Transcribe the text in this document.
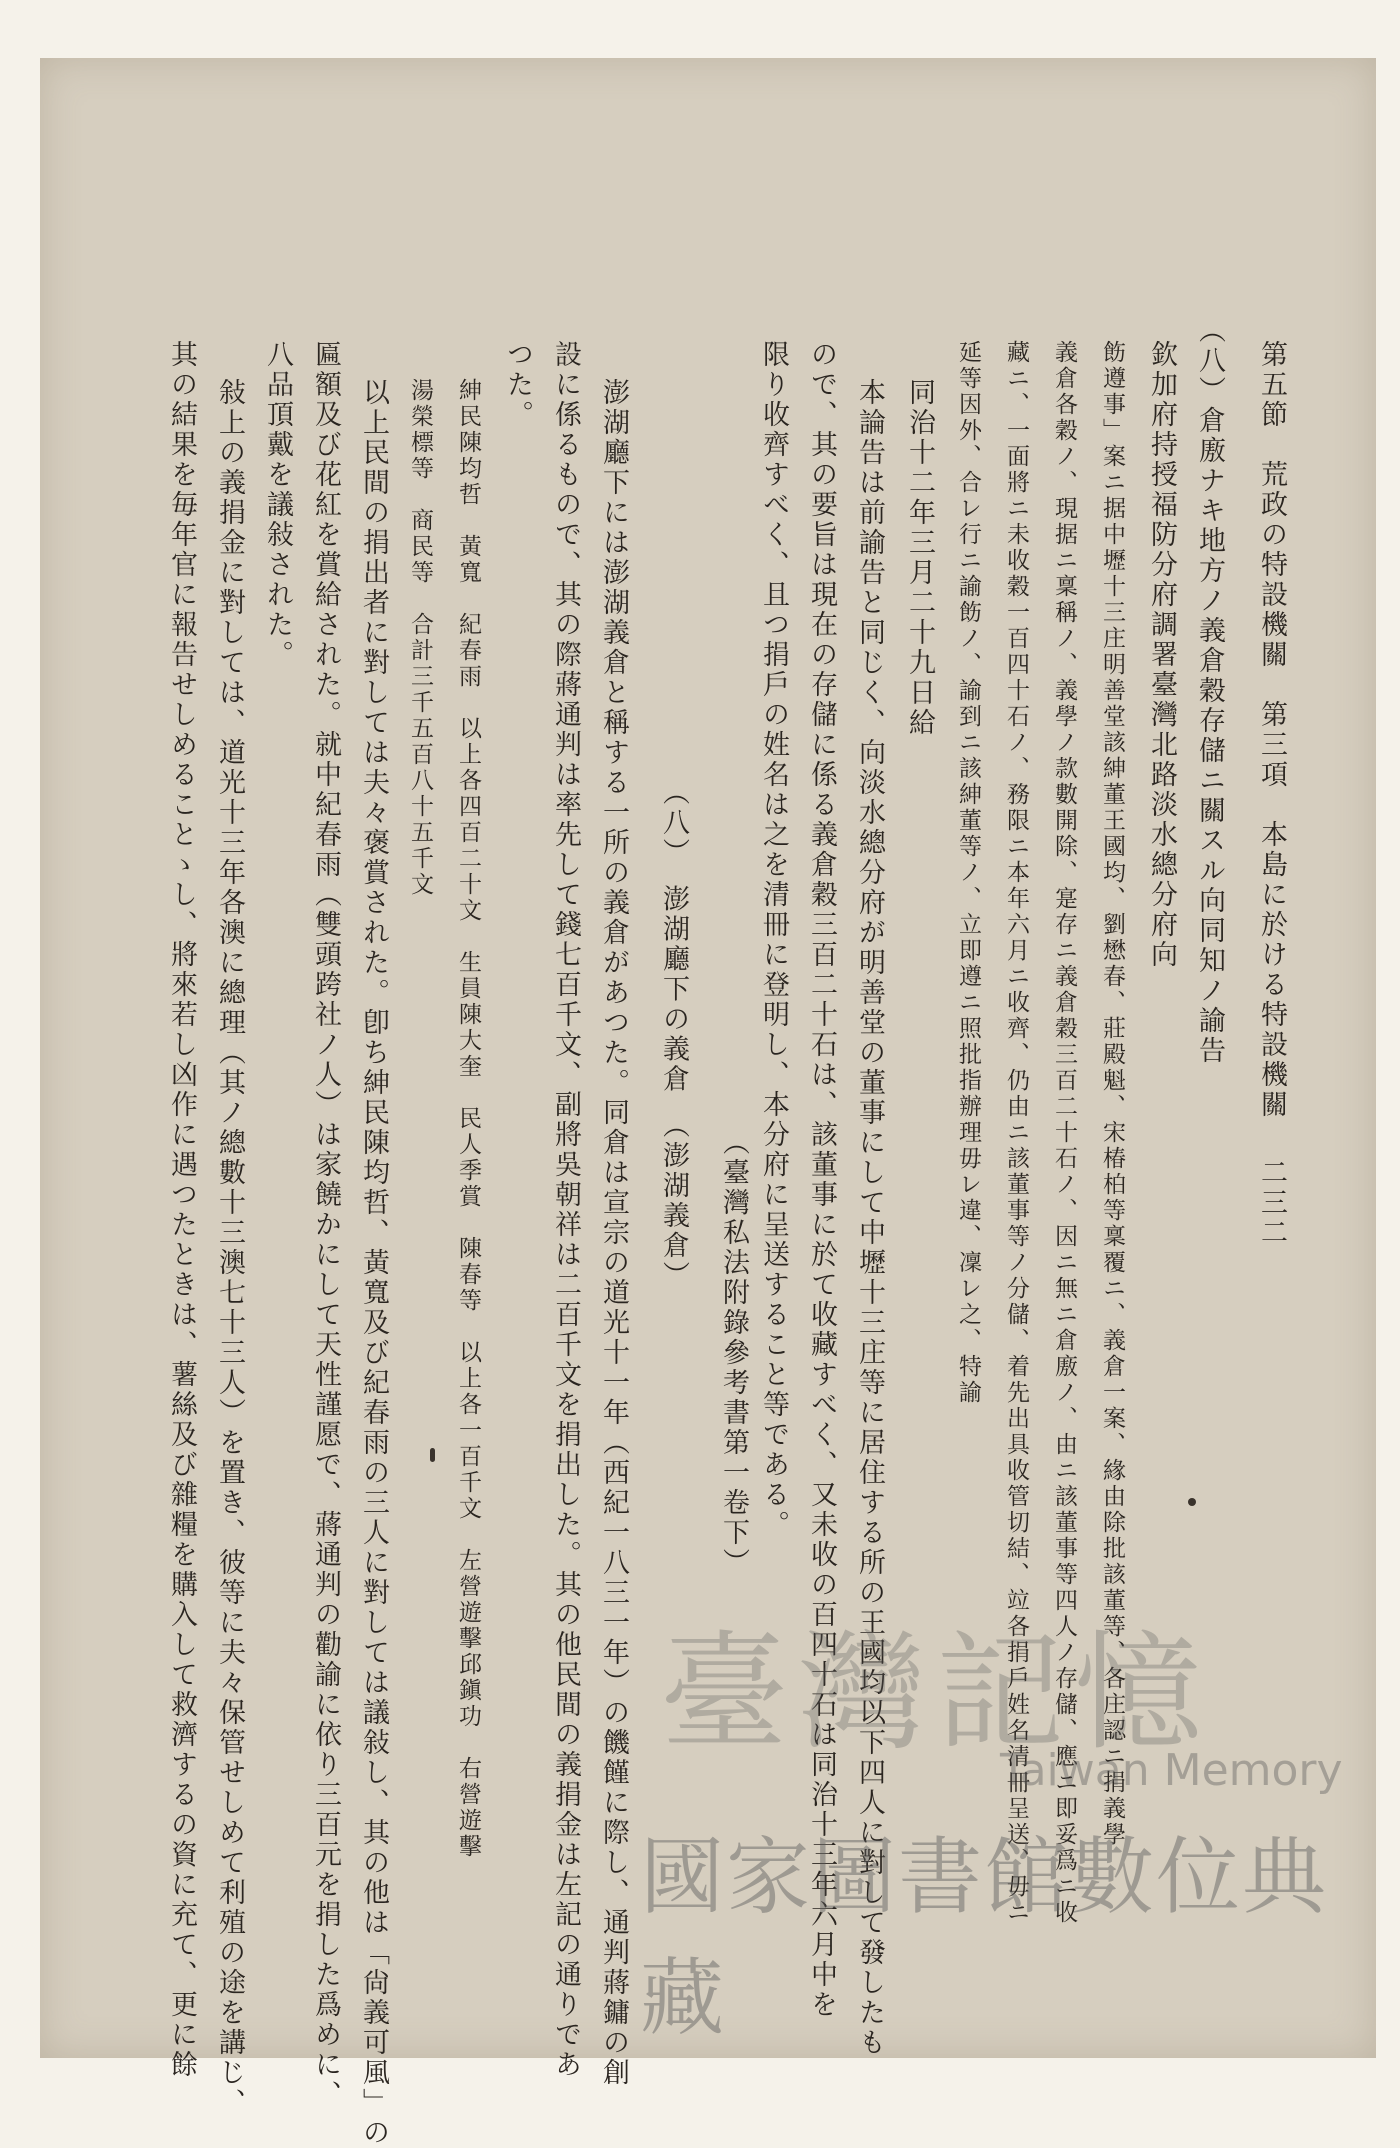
第五節　荒政の特設機關　第三項　本島に於ける特設機關
二三二
（八）倉廒ナキ地方ノ義倉穀存儲ニ關スル向同知ノ諭告
欽加府持授福防分府調署臺灣北路淡水總分府向
飭遵事」案ニ据中壢十三庄明善堂該紳董王國均、劉懋春、莊殿魁、宋椿柏等稟覆ニ、義倉一案、緣由除批該董等、各庄認ニ捐義學
義倉各穀ノ、現据ニ稟稱ノ、義學ノ款數開除、寔存ニ義倉穀三百二十石ノ、因ニ無ニ倉廒ノ、由ニ該董事等四人ノ存儲、應ニ即妥爲ニ收
藏ニ、一面將ニ未收穀一百四十石ノ、務限ニ本年六月ニ收齊、仍由ニ該董事等ノ分儲、着先出具收管切結、竝各捐戶姓名清冊呈送、毋ニ
延等因外、合レ行ニ諭飭ノ、諭到ニ該紳董等ノ、立即遵ニ照批指辦理毋レ違、凜レ之、特諭
同治十二年三月二十九日給
本論告は前諭告と同じく、向淡水總分府が明善堂の董事にして中壢十三庄等に居住する所の王國均以下四人に對して發したも
ので、其の要旨は現在の存儲に係る義倉穀三百二十石は、該董事に於て收藏すべく、又未收の百四十石は同治十三年六月中を
限り收齊すべく、且つ捐戶の姓名は之を清冊に登明し、本分府に呈送すること等である。
（臺灣私法附錄參考書第一卷下）
（八）　澎湖廳下の義倉　（澎湖義倉）
澎湖廳下には澎湖義倉と稱する一所の義倉があつた。同倉は宣宗の道光十一年（西紀一八三一年）の饑饉に際し、通判蔣鏞の創
設に係るもので、其の際蔣通判は率先して錢七百千文、副將吳朝祥は二百千文を捐出した。其の他民間の義捐金は左記の通りであ
つた。
紳民陳均哲　黃寬　紀春雨　以上各四百二十文　生員陳大奎　民人季賞　陳春等　以上各一百千文　左營遊擊邱鎭功　右營遊擊
湯榮標等　商民等　合計三千五百八十五千文
以上民間の捐出者に對しては夫々褒賞された。卽ち紳民陳均哲、黃寬及び紀春雨の三人に對しては議敍し、其の他は「尙義可風」の
匾額及び花紅を賞給された。就中紀春雨（雙頭跨社ノ人）は家饒かにして天性謹愿で、蔣通判の勸諭に依り三百元を捐した爲めに、
八品頂戴を議敍された。
敍上の義捐金に對しては、道光十三年各澳に總理（其ノ總數十三澳七十三人）を置き、彼等に夫々保管せしめて利殖の途を講じ、
其の結果を毎年官に報告せしめることゝし、將來若し凶作に遇つたときは、薯絲及び雜糧を購入して救濟するの資に充て、更に餘	臺灣記憶
Taiwan Memory
國家圖書館數位典藏
